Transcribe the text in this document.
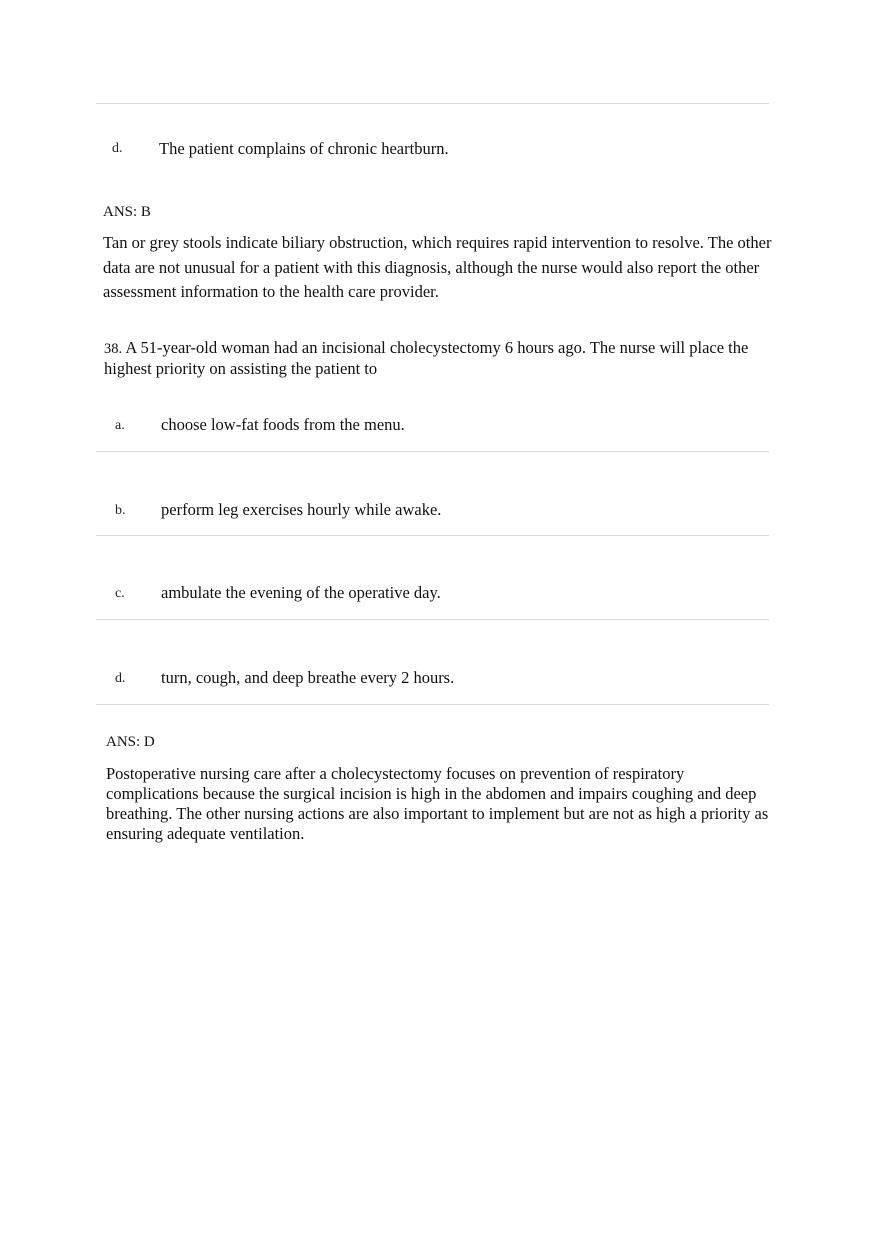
d. The patient complains of chronic heartburn.
ANS: B
Tan or grey stools indicate biliary obstruction, which requires rapid intervention to resolve. The other data are not unusual for a patient with this diagnosis, although the nurse would also report the other assessment information to the health care provider.
38. A 51-year-old woman had an incisional cholecystectomy 6 hours ago. The nurse will place the highest priority on assisting the patient to
a. choose low-fat foods from the menu.
b. perform leg exercises hourly while awake.
c. ambulate the evening of the operative day.
d. turn, cough, and deep breathe every 2 hours.
ANS: D
Postoperative nursing care after a cholecystectomy focuses on prevention of respiratory complications because the surgical incision is high in the abdomen and impairs coughing and deep breathing. The other nursing actions are also important to implement but are not as high a priority as ensuring adequate ventilation.
